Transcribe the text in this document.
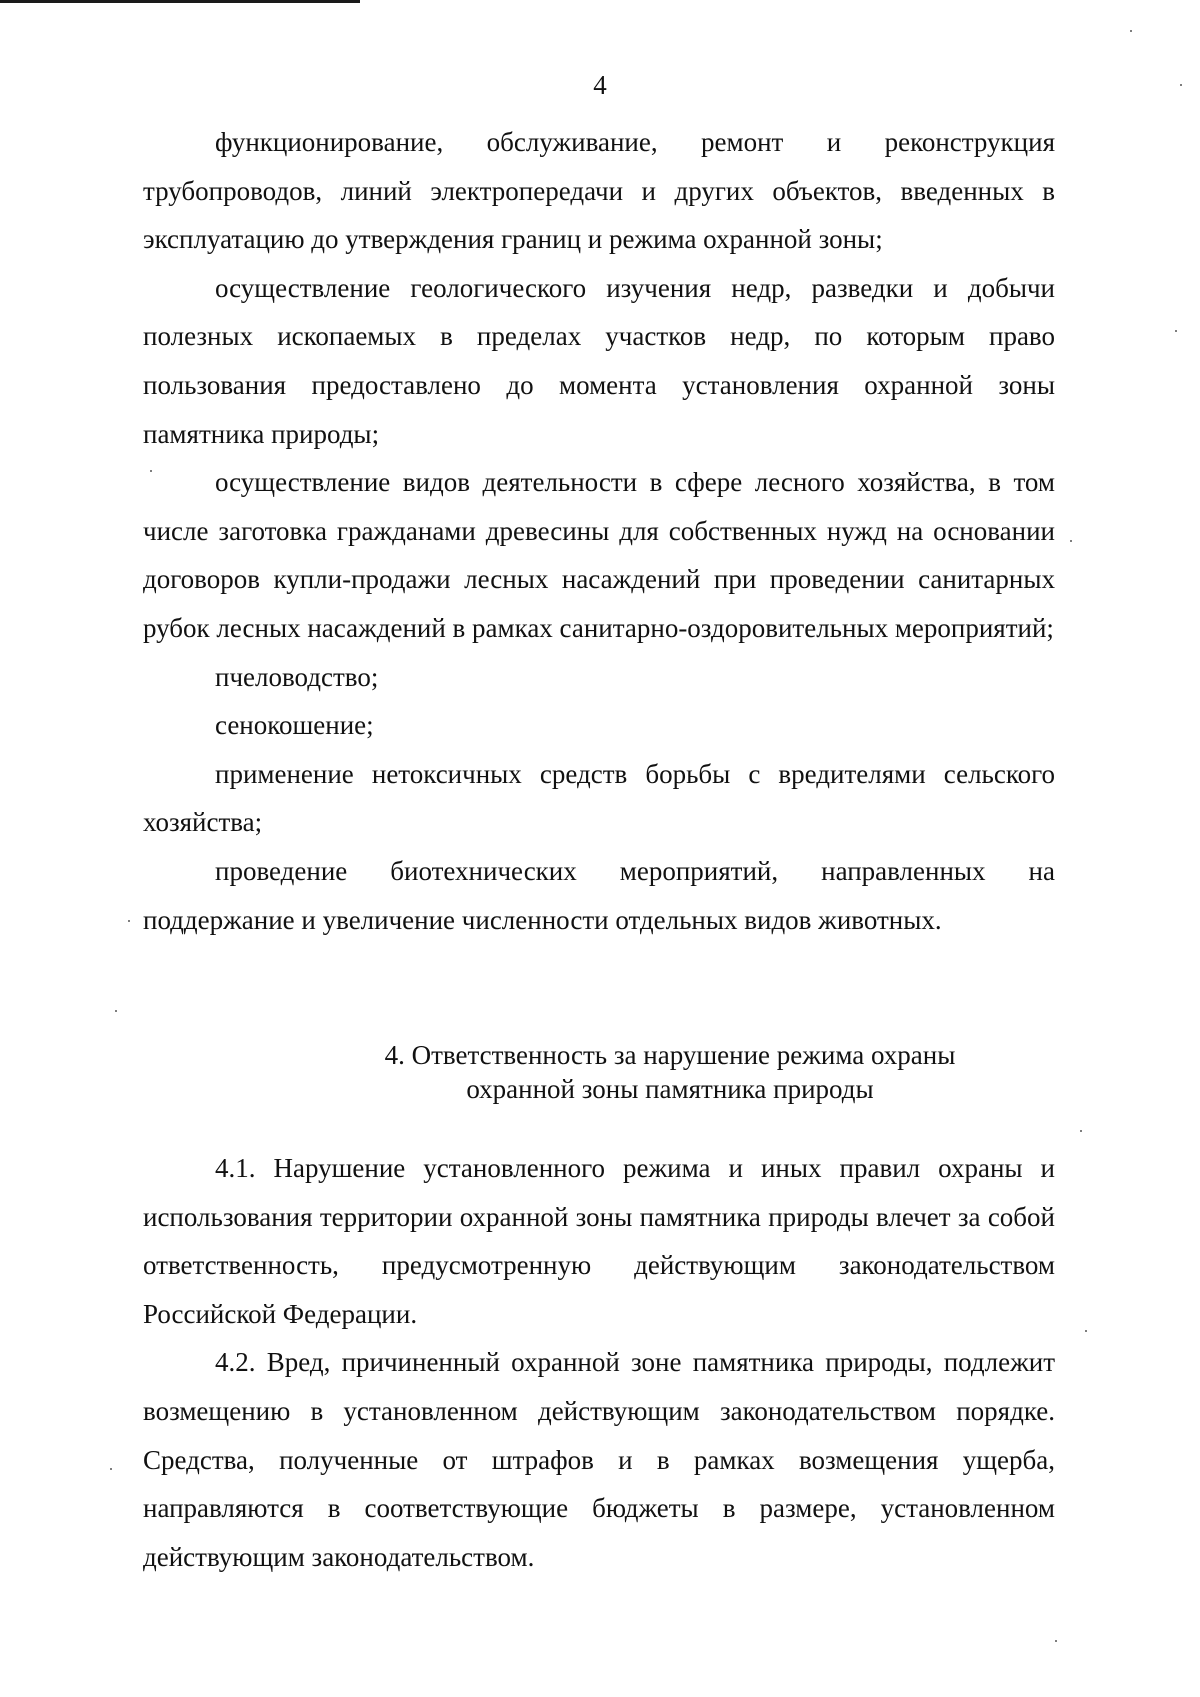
4

функционирование, обслуживание, ремонт и реконструкция трубопроводов, линий электропередачи и других объектов, введенных в эксплуатацию до утверждения границ и режима охранной зоны;

осуществление геологического изучения недр, разведки и добычи полезных ископаемых в пределах участков недр, по которым право пользования предоставлено до момента установления охранной зоны памятника природы;

осуществление видов деятельности в сфере лесного хозяйства, в том числе заготовка гражданами древесины для собственных нужд на основании договоров купли-продажи лесных насаждений при проведении санитарных рубок лесных насаждений в рамках санитарно-оздоровительных мероприятий;

пчеловодство;

сенокошение;

применение нетоксичных средств борьбы с вредителями сельского хозяйства;

проведение биотехнических мероприятий, направленных на поддержание и увеличение численности отдельных видов животных.

4. Ответственность за нарушение режима охраны
охранной зоны памятника природы

4.1. Нарушение установленного режима и иных правил охраны и использования территории охранной зоны памятника природы влечет за собой ответственность, предусмотренную действующим законодательством Российской Федерации.

4.2. Вред, причиненный охранной зоне памятника природы, подлежит возмещению в установленном действующим законодательством порядке. Средства, полученные от штрафов и в рамках возмещения ущерба, направляются в соответствующие бюджеты в размере, установленном действующим законодательством.
